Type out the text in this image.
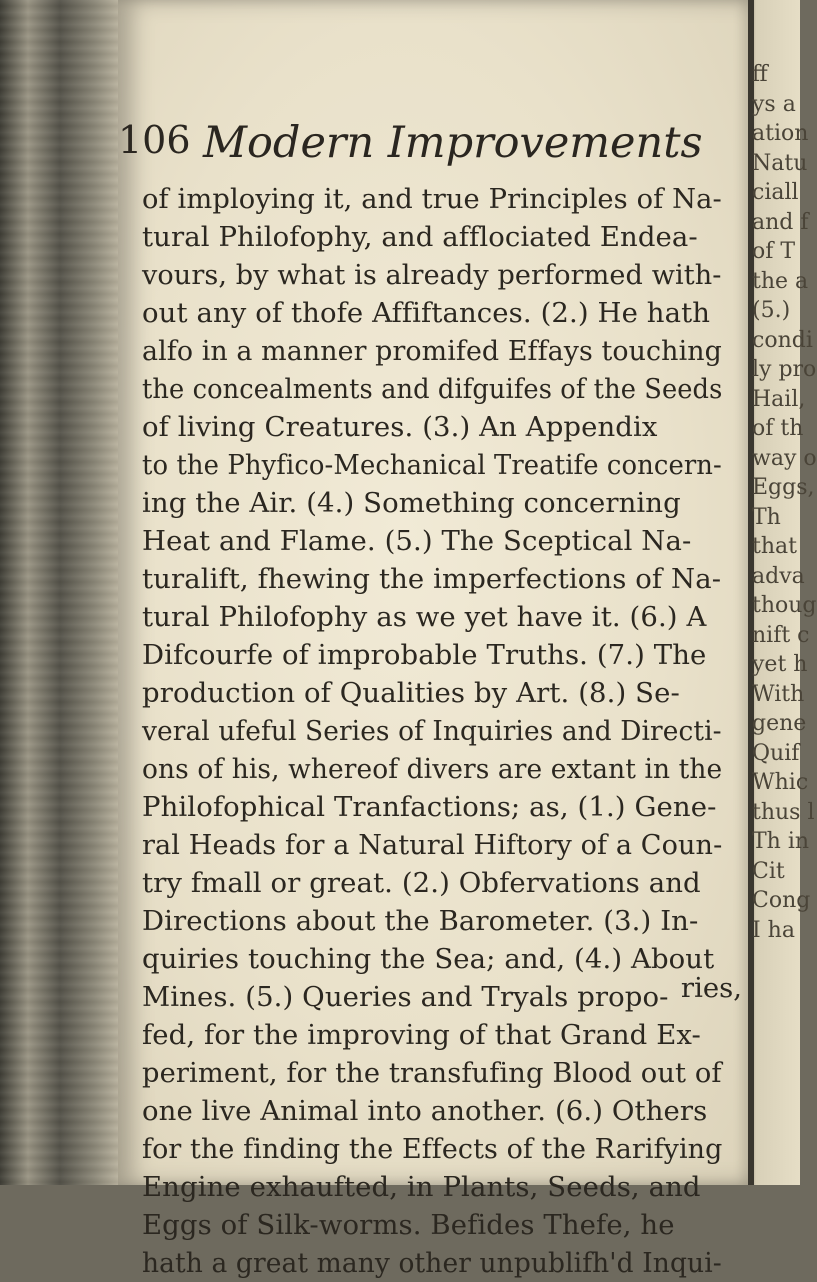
106 Modern Improvements
of imploying it, and true Principles of Na-
tural Philofophy, and afflociated Endea-
vours, by what is already performed with-
out any of thofe Affiftances. (2.) He hath
alfo in a manner promifed Effays touching
the concealments and difguifes of the Seeds
of living Creatures. (3.) An Appendix
to the Phyfico-Mechanical Treatife concern-
ing the Air. (4.) Something concerning
Heat and Flame. (5.) The Sceptical Na-
turalift, fhewing the imperfections of Na-
tural Philofophy as we yet have it. (6.) A
Difcourfe of improbable Truths. (7.) The
production of Qualities by Art. (8.) Se-
veral ufeful Series of Inquiries and Directi-
ons of his, whereof divers are extant in the
Philofophical Tranfactions; as, (1.) Gene-
ral Heads for a Natural Hiftory of a Coun-
try fmall or great. (2.) Obfervations and
Directions about the Barometer. (3.) In-
quiries touching the Sea; and, (4.) About
Mines. (5.) Queries and Tryals propo-
fed, for the improving of that Grand Ex-
periment, for the transfufing Blood out of
one live Animal into another. (6.) Others
for the finding the Effects of the Rarifying
Engine exhaufted, in Plants, Seeds, and
Eggs of Silk-worms. Befides Thefe, he
hath a great many other unpublifh'd Inqui-
ries,
ff
ys a
ation
Natu
ciall
and f
of T
the a
(5.)
condi
ly pro
Hail,
of th
way o
Eggs,
Th
that
adva
thoug
nift c
yet h
With
gene
Quif
Whic
thus l
Th in
Cit
Cong
I ha
